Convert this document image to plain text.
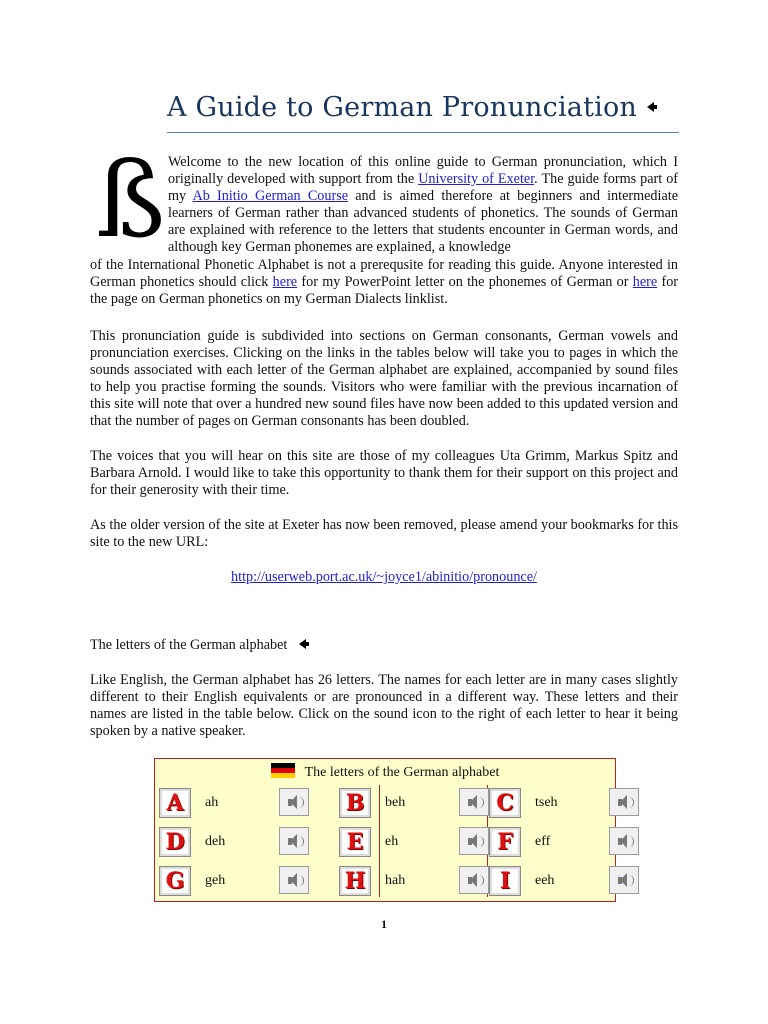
A Guide to German Pronunciation
ß Welcome to the new location of this online guide to German pronunciation, which I originally developed with support from the University of Exeter. The guide forms part of my Ab Initio German Course and is aimed therefore at beginners and intermediate learners of German rather than advanced students of phonetics. The sounds of German are explained with reference to the letters that students encounter in German words, and although key German phonemes are explained, a knowledge
of the International Phonetic Alphabet is not a prerequsite for reading this guide. Anyone interested in German phonetics should click here for my PowerPoint letter on the phonemes of German or here for the page on German phonetics on my German Dialects linklist.
This pronunciation guide is subdivided into sections on German consonants, German vowels and pronunciation exercises. Clicking on the links in the tables below will take you to pages in which the sounds associated with each letter of the German alphabet are explained, accompanied by sound files to help you practise forming the sounds. Visitors who were familiar with the previous incarnation of this site will note that over a hundred new sound files have now been added to this updated version and that the number of pages on German consonants has been doubled.
The voices that you will hear on this site are those of my colleagues Uta Grimm, Markus Spitz and Barbara Arnold. I would like to take this opportunity to thank them for their support on this project and for their generosity with their time.
As the older version of the site at Exeter has now been removed, please amend your bookmarks for this site to the new URL:
http://userweb.port.ac.uk/~joyce1/abinitio/pronounce/
The letters of the German alphabet
Like English, the German alphabet has 26 letters. The names for each letter are in many cases slightly different to their English equivalents or are pronounced in a different way. These letters and their names are listed in the table below. Click on the sound icon to the right of each letter to hear it being spoken by a native speaker.
The letters of the German alphabet
A	ah	B	beh	C	tseh
D	deh	E	eh	F	eff
G	geh	H	hah	I	eeh
1
